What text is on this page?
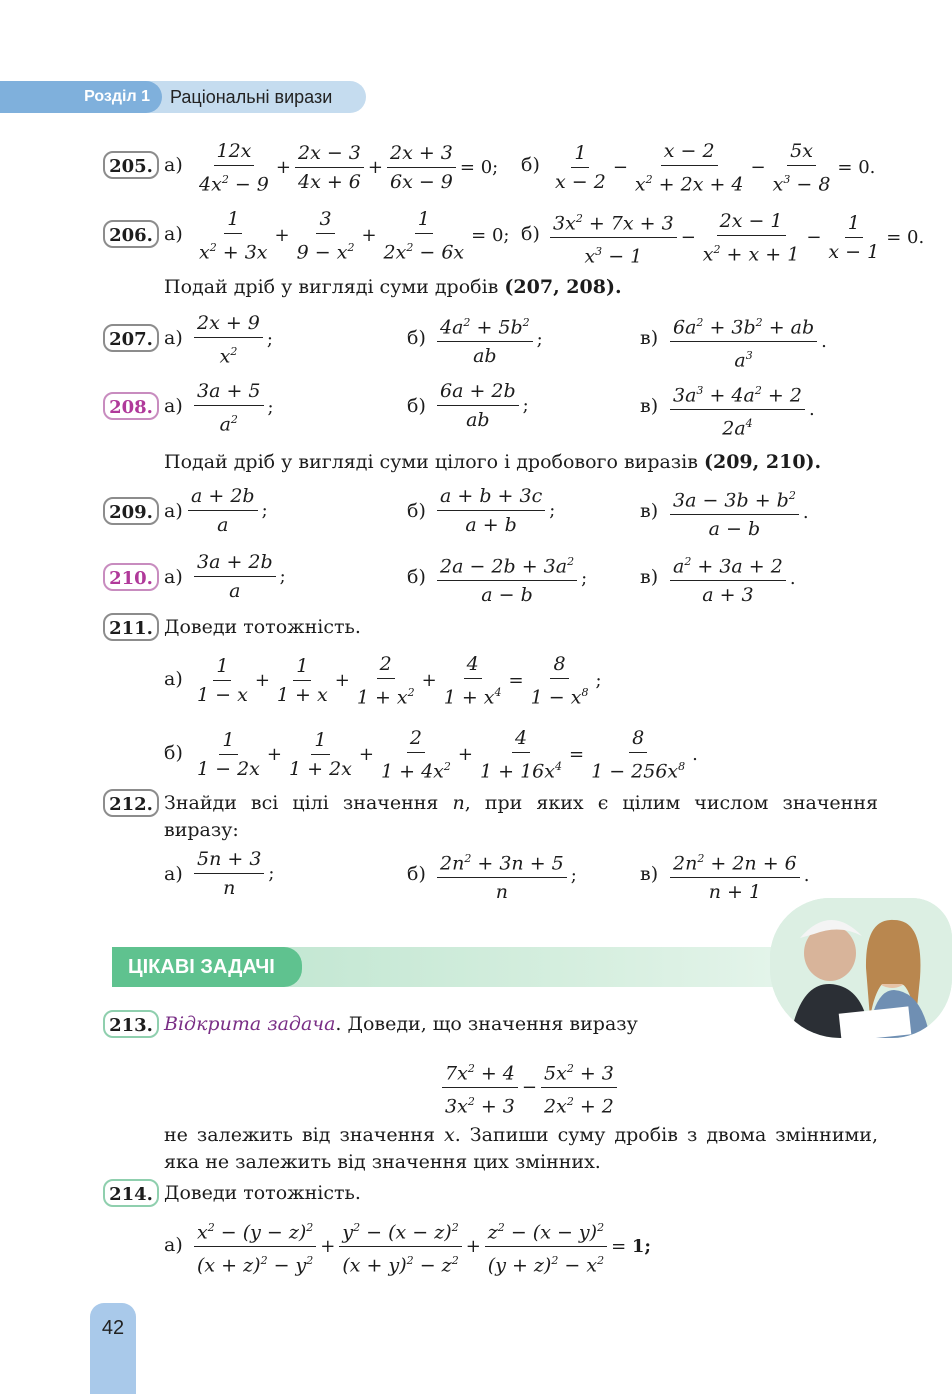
Розділ 1	Раціональні вирази
205. $а) \frac{12x}{4x^2 - 9} + \frac{2x - 3}{4x + 6} + \frac{2x + 3}{6x - 9} = 0$; $б) \frac{1}{x - 2} - \frac{x - 2}{x^2 + 2x + 4} - \frac{5x}{x^3 - 8} = 0$.
206. $а) \frac{1}{x^2 + 3x} + \frac{3}{9 - x^2} + \frac{1}{2x^2 - 6x} = 0$; $б) \frac{3x^2 + 7x + 3}{x^3 - 1} - \frac{2x - 1}{x^2 + x + 1} - \frac{1}{x - 1} = 0$.
Подай дріб у вигляді суми дробів (207, 208).
207. $а) \frac{2x + 9}{x^2}$ ;	$б) \frac{4a^2 + 5b^2}{ab}$ ;	$в) \frac{6a^2 + 3b^2 + ab}{a^3}$ .
208. $а) \frac{3a + 5}{a^2}$ ;	$б) \frac{6a + 2b}{ab}$ ;	$в) \frac{3a^3 + 4a^2 + 2}{2a^4}$ .
Подай дріб у вигляді суми цілого і дробового виразів (209, 210).
209. $а) \frac{a + 2b}{a}$ ;	$б) \frac{a + b + 3c}{a + b}$ ;	$в) \frac{3a - 3b + b^2}{a - b}$ .
210. $а) \frac{3a + 2b}{a}$ ;	$б) \frac{2a - 2b + 3a^2}{a - b}$ ;	$в) \frac{a^2 + 3a + 2}{a + 3}$ .
211. Доведи тотожність.
$а) \frac{1}{1 - x} + \frac{1}{1 + x} + \frac{2}{1 + x^2} + \frac{4}{1 + x^4} = \frac{8}{1 - x^8}$ ;
$б) \frac{1}{1 - 2x} + \frac{1}{1 + 2x} + \frac{2}{1 + 4x^2} + \frac{4}{1 + 16x^4} = \frac{8}{1 - 256x^8}$ .
212. Знайди всі цілі значення n, при яких є цілим числом значення
виразу:
$а) \frac{5n + 3}{n}$ ;	$б) \frac{2n^2 + 3n + 5}{n}$ ;	$в) \frac{2n^2 + 2n + 6}{n + 1}$ .
ЦІКАВІ ЗАДАЧІ
213. Відкрита задача. Доведи, що значення виразу
$\frac{7x^2 + 4}{3x^2 + 3} - \frac{5x^2 + 3}{2x^2 + 2}$
не залежить від значення x. Запиши суму дробів з двома змінними,
яка не залежить від значення цих змінних.
214. Доведи тотожність.
$а) \frac{x^2 - (y - z)^2}{(x + z)^2 - y^2} + \frac{y^2 - (x - z)^2}{(x + y)^2 - z^2} + \frac{z^2 - (x - y)^2}{(y + z)^2 - x^2} = 1$;
42
